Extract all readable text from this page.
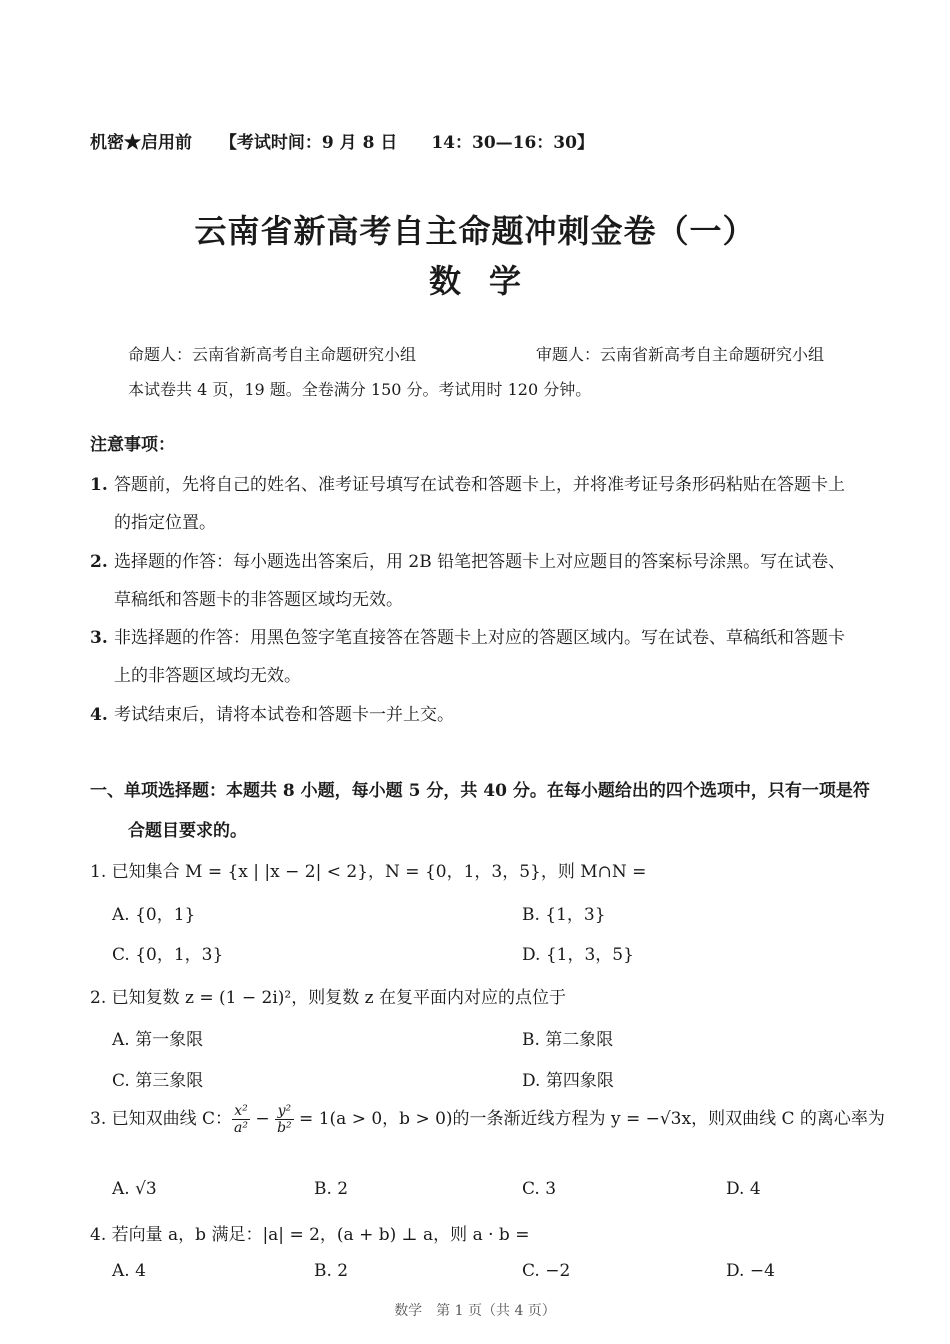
机密★启用前 【考试时间：9 月 8 日　　14：30—16：30】
云南省新高考自主命题冲刺金卷（一）
数学
命题人：云南省新高考自主命题研究小组	审题人：云南省新高考自主命题研究小组
本试卷共 4 页，19 题。全卷满分 150 分。考试用时 120 分钟。
注意事项：
1. 答题前，先将自己的姓名、准考证号填写在试卷和答题卡上，并将准考证号条形码粘贴在答题卡上
的指定位置。
2. 选择题的作答：每小题选出答案后，用 2B 铅笔把答题卡上对应题目的答案标号涂黑。写在试卷、
草稿纸和答题卡的非答题区域均无效。
3. 非选择题的作答：用黑色签字笔直接答在答题卡上对应的答题区域内。写在试卷、草稿纸和答题卡
上的非答题区域均无效。
4. 考试结束后，请将本试卷和答题卡一并上交。
一、单项选择题：本题共 8 小题，每小题 5 分，共 40 分。在每小题给出的四个选项中，只有一项是符
合题目要求的。
1. 已知集合 M = {x | |x − 2| < 2}，N = {0，1，3，5}，则 M∩N =
A. {0，1}	B. {1，3}
C. {0，1，3}	D. {1，3，5}
2. 已知复数 z = (1 − 2i)²，则复数 z 在复平面内对应的点位于
A. 第一象限	B. 第二象限
C. 第三象限	D. 第四象限
3. 已知双曲线 C： $\frac{\text{x²}}{\text{a²}} - \frac{\text{y²}}{\text{b²}} = 1(a > 0$，b > 0)的一条渐近线方程为 y = −√3x，则双曲线 C 的离心率为
A. √3	B. 2	C. 3	D. 4
4. 若向量 a，b 满足：|a| = 2，(a + b) ⊥ a，则 a · b =
A. 4	B. 2	C. −2	D. −4
数学　第 1 页（共 4 页）
